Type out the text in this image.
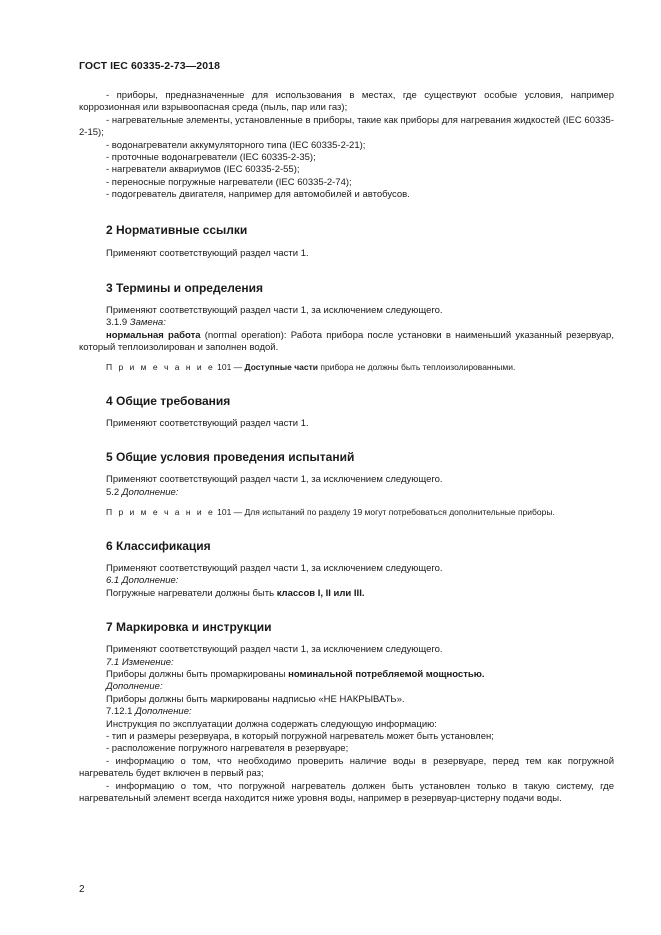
ГОСТ IEC 60335-2-73—2018

- приборы, предназначенные для использования в местах, где существуют особые условия, например коррозионная или взрывоопасная среда (пыль, пар или газ);

- нагревательные элементы, установленные в приборы, такие как приборы для нагревания жидкостей (IEC 60335-2-15);

- водонагреватели аккумуляторного типа (IEC 60335-2-21);

- проточные водонагреватели (IEC 60335-2-35);

- нагреватели аквариумов (IEC 60335-2-55);

- переносные погружные нагреватели (IEC 60335-2-74);

- подогреватель двигателя, например для автомобилей и автобусов.

2 Нормативные ссылки

Применяют соответствующий раздел части 1.

3 Термины и определения

Применяют соответствующий раздел части 1, за исключением следующего.

3.1.9 Замена:

нормальная работа (normal operation): Работа прибора после установки в наименьший указанный резервуар, который теплоизолирован и заполнен водой.

П р и м е ч а н и е 101 — Доступные части прибора не должны быть теплоизолированными.

4 Общие требования

Применяют соответствующий раздел части 1.

5 Общие условия проведения испытаний

Применяют соответствующий раздел части 1, за исключением следующего.

5.2 Дополнение:

П р и м е ч а н и е 101 — Для испытаний по разделу 19 могут потребоваться дополнительные приборы.

6 Классификация

Применяют соответствующий раздел части 1, за исключением следующего.

6.1 Дополнение:

Погружные нагреватели должны быть классов I, II или III.

7 Маркировка и инструкции

Применяют соответствующий раздел части 1, за исключением следующего.

7.1 Изменение:

Приборы должны быть промаркированы номинальной потребляемой мощностью.

Дополнение:

Приборы должны быть маркированы надписью «НЕ НАКРЫВАТЬ».

7.12.1 Дополнение:

Инструкция по эксплуатации должна содержать следующую информацию:

- тип и размеры резервуара, в который погружной нагреватель может быть установлен;

- расположение погружного нагревателя в резервуаре;

- информацию о том, что необходимо проверить наличие воды в резервуаре, перед тем как погружной нагреватель будет включен в первый раз;

- информацию о том, что погружной нагреватель должен быть установлен только в такую систему, где нагревательный элемент всегда находится ниже уровня воды, например в резервуар-цистерну подачи воды.

2
